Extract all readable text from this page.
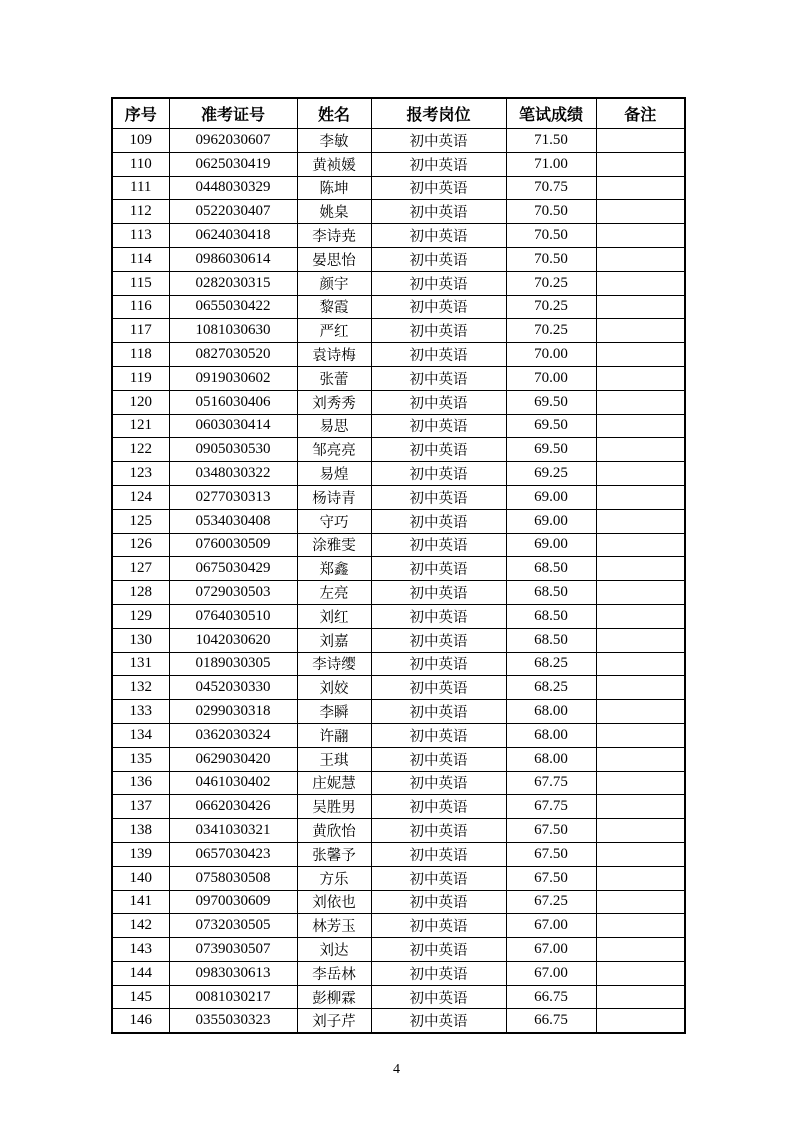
序号	准考证号	姓名	报考岗位	笔试成绩	备注
109	0962030607	李敏	初中英语	71.50	
110	0625030419	黄祯媛	初中英语	71.00	
111	0448030329	陈坤	初中英语	70.75	
112	0522030407	姚臬	初中英语	70.50	
113	0624030418	李诗尭	初中英语	70.50	
114	0986030614	晏思怡	初中英语	70.50	
115	0282030315	颜宇	初中英语	70.25	
116	0655030422	黎霞	初中英语	70.25	
117	1081030630	严红	初中英语	70.25	
118	0827030520	袁诗梅	初中英语	70.00	
119	0919030602	张蕾	初中英语	70.00	
120	0516030406	刘秀秀	初中英语	69.50	
121	0603030414	易思	初中英语	69.50	
122	0905030530	邹亮亮	初中英语	69.50	
123	0348030322	易煌	初中英语	69.25	
124	0277030313	杨诗青	初中英语	69.00	
125	0534030408	守巧	初中英语	69.00	
126	0760030509	涂雅雯	初中英语	69.00	
127	0675030429	郑鑫	初中英语	68.50	
128	0729030503	左亮	初中英语	68.50	
129	0764030510	刘红	初中英语	68.50	
130	1042030620	刘嘉	初中英语	68.50	
131	0189030305	李诗缨	初中英语	68.25	
132	0452030330	刘姣	初中英语	68.25	
133	0299030318	李瞬	初中英语	68.00	
134	0362030324	许翮	初中英语	68.00	
135	0629030420	王琪	初中英语	68.00	
136	0461030402	庄妮慧	初中英语	67.75	
137	0662030426	吴胜男	初中英语	67.75	
138	0341030321	黄欣怡	初中英语	67.50	
139	0657030423	张馨予	初中英语	67.50	
140	0758030508	方乐	初中英语	67.50	
141	0970030609	刘依也	初中英语	67.25	
142	0732030505	林芳玉	初中英语	67.00	
143	0739030507	刘达	初中英语	67.00	
144	0983030613	李岳林	初中英语	67.00	
145	0081030217	彭柳霖	初中英语	66.75	
146	0355030323	刘子芹	初中英语	66.75	
4
